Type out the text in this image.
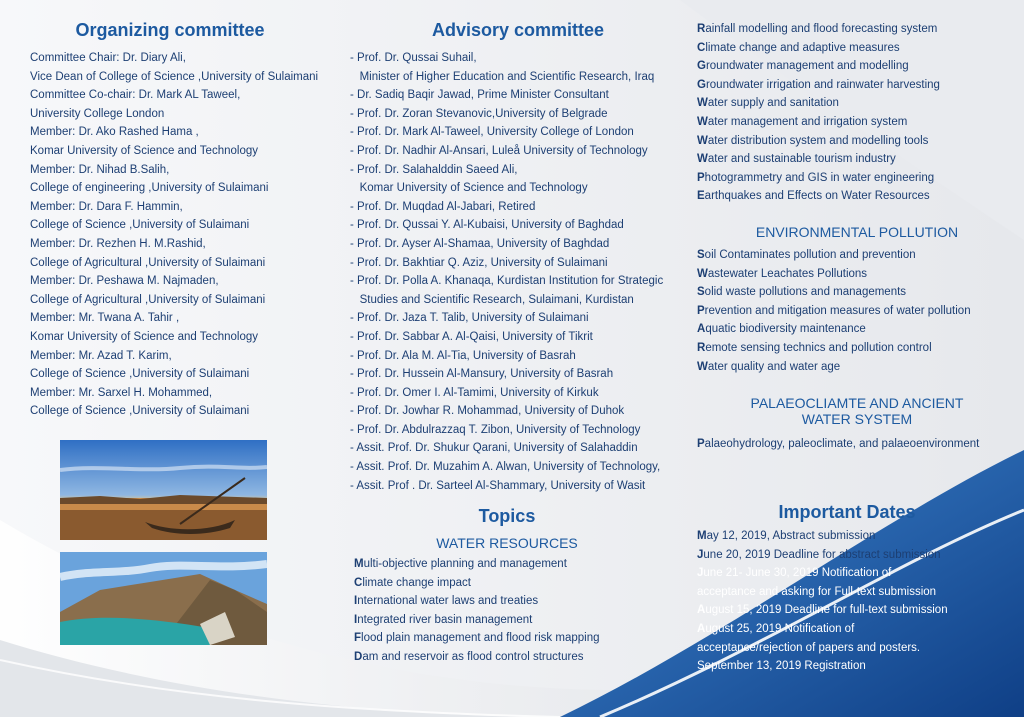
Organizing committee
Committee Chair: Dr. Diary Ali,
Vice Dean of College of Science ,University of Sulaimani
Committee Co-chair: Dr. Mark AL Taweel,
University College London
Member: Dr. Ako Rashed Hama ,
Komar University of Science and Technology
Member: Dr. Nihad B.Salih,
College of engineering ,University of Sulaimani
Member: Dr. Dara F. Hammin,
College of Science ,University of Sulaimani
Member: Dr. Rezhen H. M.Rashid,
College of Agricultural ,University of Sulaimani
Member: Dr. Peshawa M. Najmaden,
College of Agricultural ,University of Sulaimani
Member: Mr. Twana A. Tahir ,
Komar University of Science and Technology
Member: Mr. Azad T. Karim,
College of Science ,University of Sulaimani
Member: Mr. Sarxel H. Mohammed,
College of Science ,University of Sulaimani
Advisory committee
- Prof. Dr. Qussai Suhail,
Minister of Higher Education and Scientific Research, Iraq
- Dr. Sadiq Baqir Jawad, Prime Minister Consultant
- Prof. Dr. Zoran Stevanovic,University of Belgrade
- Prof. Dr. Mark Al-Taweel, University College of London
- Prof. Dr. Nadhir Al-Ansari, Luleå University of Technology
- Prof. Dr. Salahalddin Saeed Ali,
Komar University of Science and Technology
- Prof. Dr. Muqdad Al-Jabari, Retired
- Prof. Dr. Qussai Y. Al-Kubaisi, University of Baghdad
- Prof. Dr. Ayser Al-Shamaa, University of Baghdad
- Prof. Dr. Bakhtiar Q. Aziz, University of Sulaimani
- Prof. Dr. Polla A. Khanaqa, Kurdistan Institution for Strategic
Studies and Scientific Research, Sulaimani, Kurdistan
- Prof. Dr. Jaza T. Talib, University of Sulaimani
- Prof. Dr. Sabbar A. Al-Qaisi, University of Tikrit
- Prof. Dr. Ala M. Al-Tia, University of Basrah
- Prof. Dr. Hussein Al-Mansury, University of Basrah
- Prof. Dr. Omer I. Al-Tamimi, University of Kirkuk
- Prof. Dr. Jowhar R. Mohammad, University of Duhok
- Prof. Dr. Abdulrazzaq T. Zibon, University of Technology
- Assit. Prof. Dr. Shukur Qarani, University of Salahaddin
- Assit. Prof. Dr. Muzahim A. Alwan, University of Technology,
- Assit. Prof . Dr. Sarteel Al-Shammary, University of Wasit
Topics
WATER RESOURCES
Multi-objective planning and management
Climate change impact
International water laws and treaties
Integrated river basin management
Flood plain management and flood risk mapping
Dam and reservoir as flood control structures
Rainfall modelling and flood forecasting system
Climate change and adaptive measures
Groundwater management and modelling
Groundwater irrigation and rainwater harvesting
Water supply and sanitation
Water management and irrigation system
Water distribution system and modelling tools
Water and sustainable tourism industry
Photogrammetry and GIS in water engineering
Earthquakes and Effects on Water Resources
ENVIRONMENTAL POLLUTION
Soil Contaminates pollution and prevention
Wastewater Leachates Pollutions
Solid waste pollutions and managements
Prevention and mitigation measures of water pollution
Aquatic biodiversity maintenance
Remote sensing technics and pollution control
Water quality and water age
PALAEOCLIAMTE AND ANCIENT
WATER SYSTEM
Palaeohydrology, paleoclimate, and palaeoenvironment
Important Dates
May 12, 2019, Abstract submission
June 20, 2019 Deadline for abstract submission
June 21- June 30, 2019 Notification of
acceptance and asking for Full-text submission
August 15, 2019 Deadline for full-text submission
August 25, 2019 Notification of
acceptance/rejection of papers and posters.
September 13, 2019 Registration
